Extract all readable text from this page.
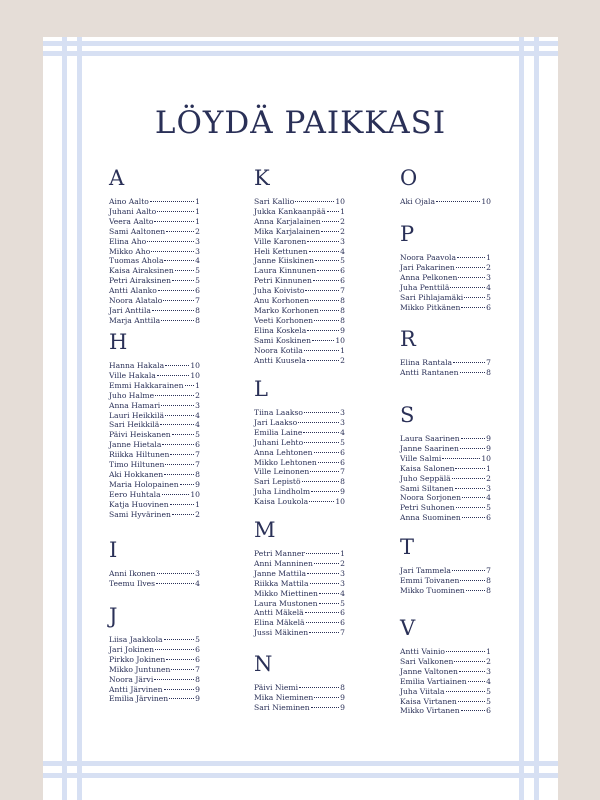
LÖYDÄ PAIKKASI
A
Aino Aalto	1
Juhani Aalto	1
Veera Aalto	1
Sami Aaltonen	2
Elina Aho	3
Mikko Aho	3
Tuomas Ahola	4
Kaisa Airaksinen	5
Petri Airaksinen	5
Antti Alanko	6
Noora Alatalo	7
Jari Anttila	8
Marja Anttila	8
H
Hanna Hakala	10
Ville Hakala	10
Emmi Hakkarainen 1
Juho Halme	2
Anna Hamari	3
Lauri Heikkilä	4
Sari Heikkilä	4
Päivi Heiskanen	5
Janne Hietala	6
Riikka Hiltunen	7
Timo Hiltunen	7
Aki Hokkanen	8
Maria Holopainen 9
Eero Huhtala	10
Katja Huovinen	1
Sami Hyvärinen	2
I
Anni Ikonen	3
Teemu Ilves	4
J
Liisa Jaakkola	5
Jari Jokinen	6
Pirkko Jokinen	6
Mikko Juntunen	7
Noora Järvi	8
Antti Järvinen	9
Emilia Järvinen	9
K
Sari Kallio	10
Jukka Kankaanpää 1
Anna Karjalainen	2
Mika Karjalainen	2
Ville Karonen	3
Heli Kettunen	4
Janne Kiiskinen	5
Laura Kinnunen	6
Petri Kinnunen	6
Juha Koivisto	7
Anu Korhonen	8
Marko Korhonen	8
Veeti Korhonen	8
Elina Koskela	9
Sami Koskinen	10
Noora Kotila	1
Antti Kuusela	2
L
Tiina Laakso	3
Jari Laakso	3
Emilia Laine	4
Juhani Lehto	5
Anna Lehtonen	6
Mikko Lehtonen	6
Ville Leinonen	7
Sari Lepistö	8
Juha Lindholm	9
Kaisa Loukola	10
M
Petri Manner	1
Anni Manninen	2
Janne Mattila	3
Riikka Mattila	3
Mikko Miettinen	4
Laura Mustonen	5
Antti Mäkelä	6
Elina Mäkelä	6
Jussi Mäkinen	7
N
Päivi Niemi	8
Mika Nieminen	9
Sari Nieminen	9
O
Aki Ojala	10
P
Noora Paavola	1
Jari Pakarinen	2
Anna Pelkonen	3
Juha Penttilä	4
Sari Pihlajamäki	5
Mikko Pitkänen	6
R
Elina Rantala	7
Antti Rantanen	8
S
Laura Saarinen	9
Janne Saarinen	9
Ville Salmi	10
Kaisa Salonen	1
Juho Seppälä	2
Sami Siltanen	3
Noora Sorjonen	4
Petri Suhonen	5
Anna Suominen	6
T
Jari Tammela	7
Emmi Toivanen	8
Mikko Tuominen	8
V
Antti Vainio	1
Sari Valkonen	2
Janne Valtonen	3
Emilia Vartiainen	4
Juha Viitala	5
Kaisa Virtanen	5
Mikko Virtanen	6
